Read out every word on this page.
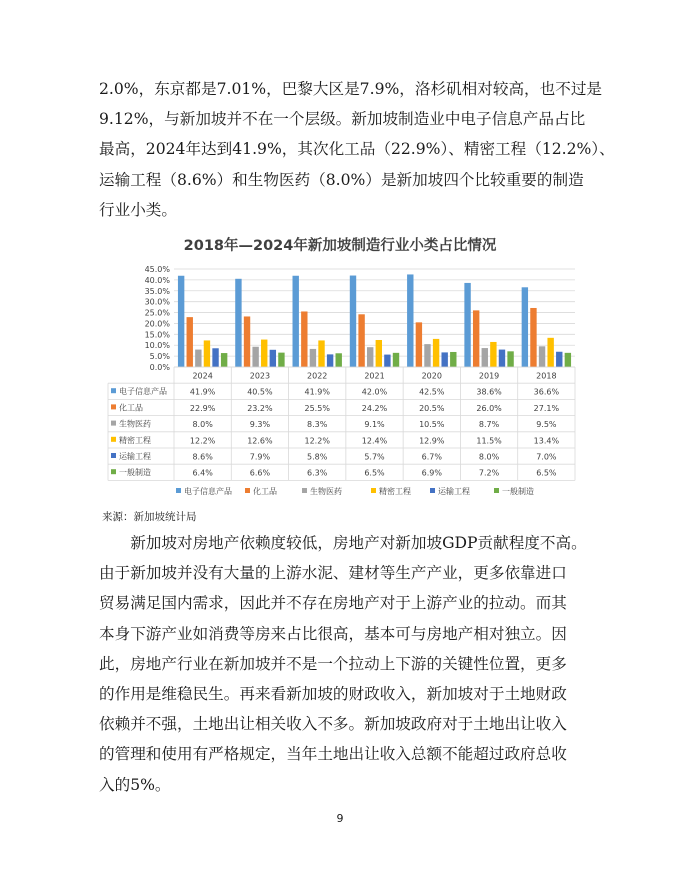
2.0%，东京都是7.01%，巴黎大区是7.9%，洛杉矶相对较高，也不过是

9.12%，与新加坡并不在一个层级。新加坡制造业中电子信息产品占比

最高，2024年达到41.9%，其次化工品（22.9%）、精密工程（12.2%）、

运输工程（8.6%）和生物医药（8.0%）是新加坡四个比较重要的制造

行业小类。

2018年—2024年新加坡制造行业小类占比情况
0.0%
5.0%
10.0%
15.0%
20.0%
25.0%
30.0%
35.0%
40.0%
45.0%
2024	2023	2022	2021	2020	2019	2018
电子信息产品	41.9%	40.5%	41.9%	42.0%	42.5%	38.6%	36.6%
化工品	22.9%	23.2%	25.5%	24.2%	20.5%	26.0%	27.1%
生物医药	8.0%	9.3%	8.3%	9.1%	10.5%	8.7%	9.5%
精密工程	12.2%	12.6%	12.2%	12.4%	12.9%	11.5%	13.4%
运输工程	8.6%	7.9%	5.8%	5.7%	6.7%	8.0%	7.0%
一般制造	6.4%	6.6%	6.3%	6.5%	6.9%	7.2%	6.5%
电子信息产品	化工品	生物医药	精密工程	运输工程	一般制造
来源：新加坡统计局

　　新加坡对房地产依赖度较低，房地产对新加坡GDP贡献程度不高。

由于新加坡并没有大量的上游水泥、建材等生产产业，更多依靠进口

贸易满足国内需求，因此并不存在房地产对于上游产业的拉动。而其

本身下游产业如消费等房来占比很高，基本可与房地产相对独立。因

此，房地产行业在新加坡并不是一个拉动上下游的关键性位置，更多

的作用是维稳民生。再来看新加坡的财政收入，新加坡对于土地财政

依赖并不强，土地出让相关收入不多。新加坡政府对于土地出让收入

的管理和使用有严格规定，当年土地出让收入总额不能超过政府总收

入的5%。

9
